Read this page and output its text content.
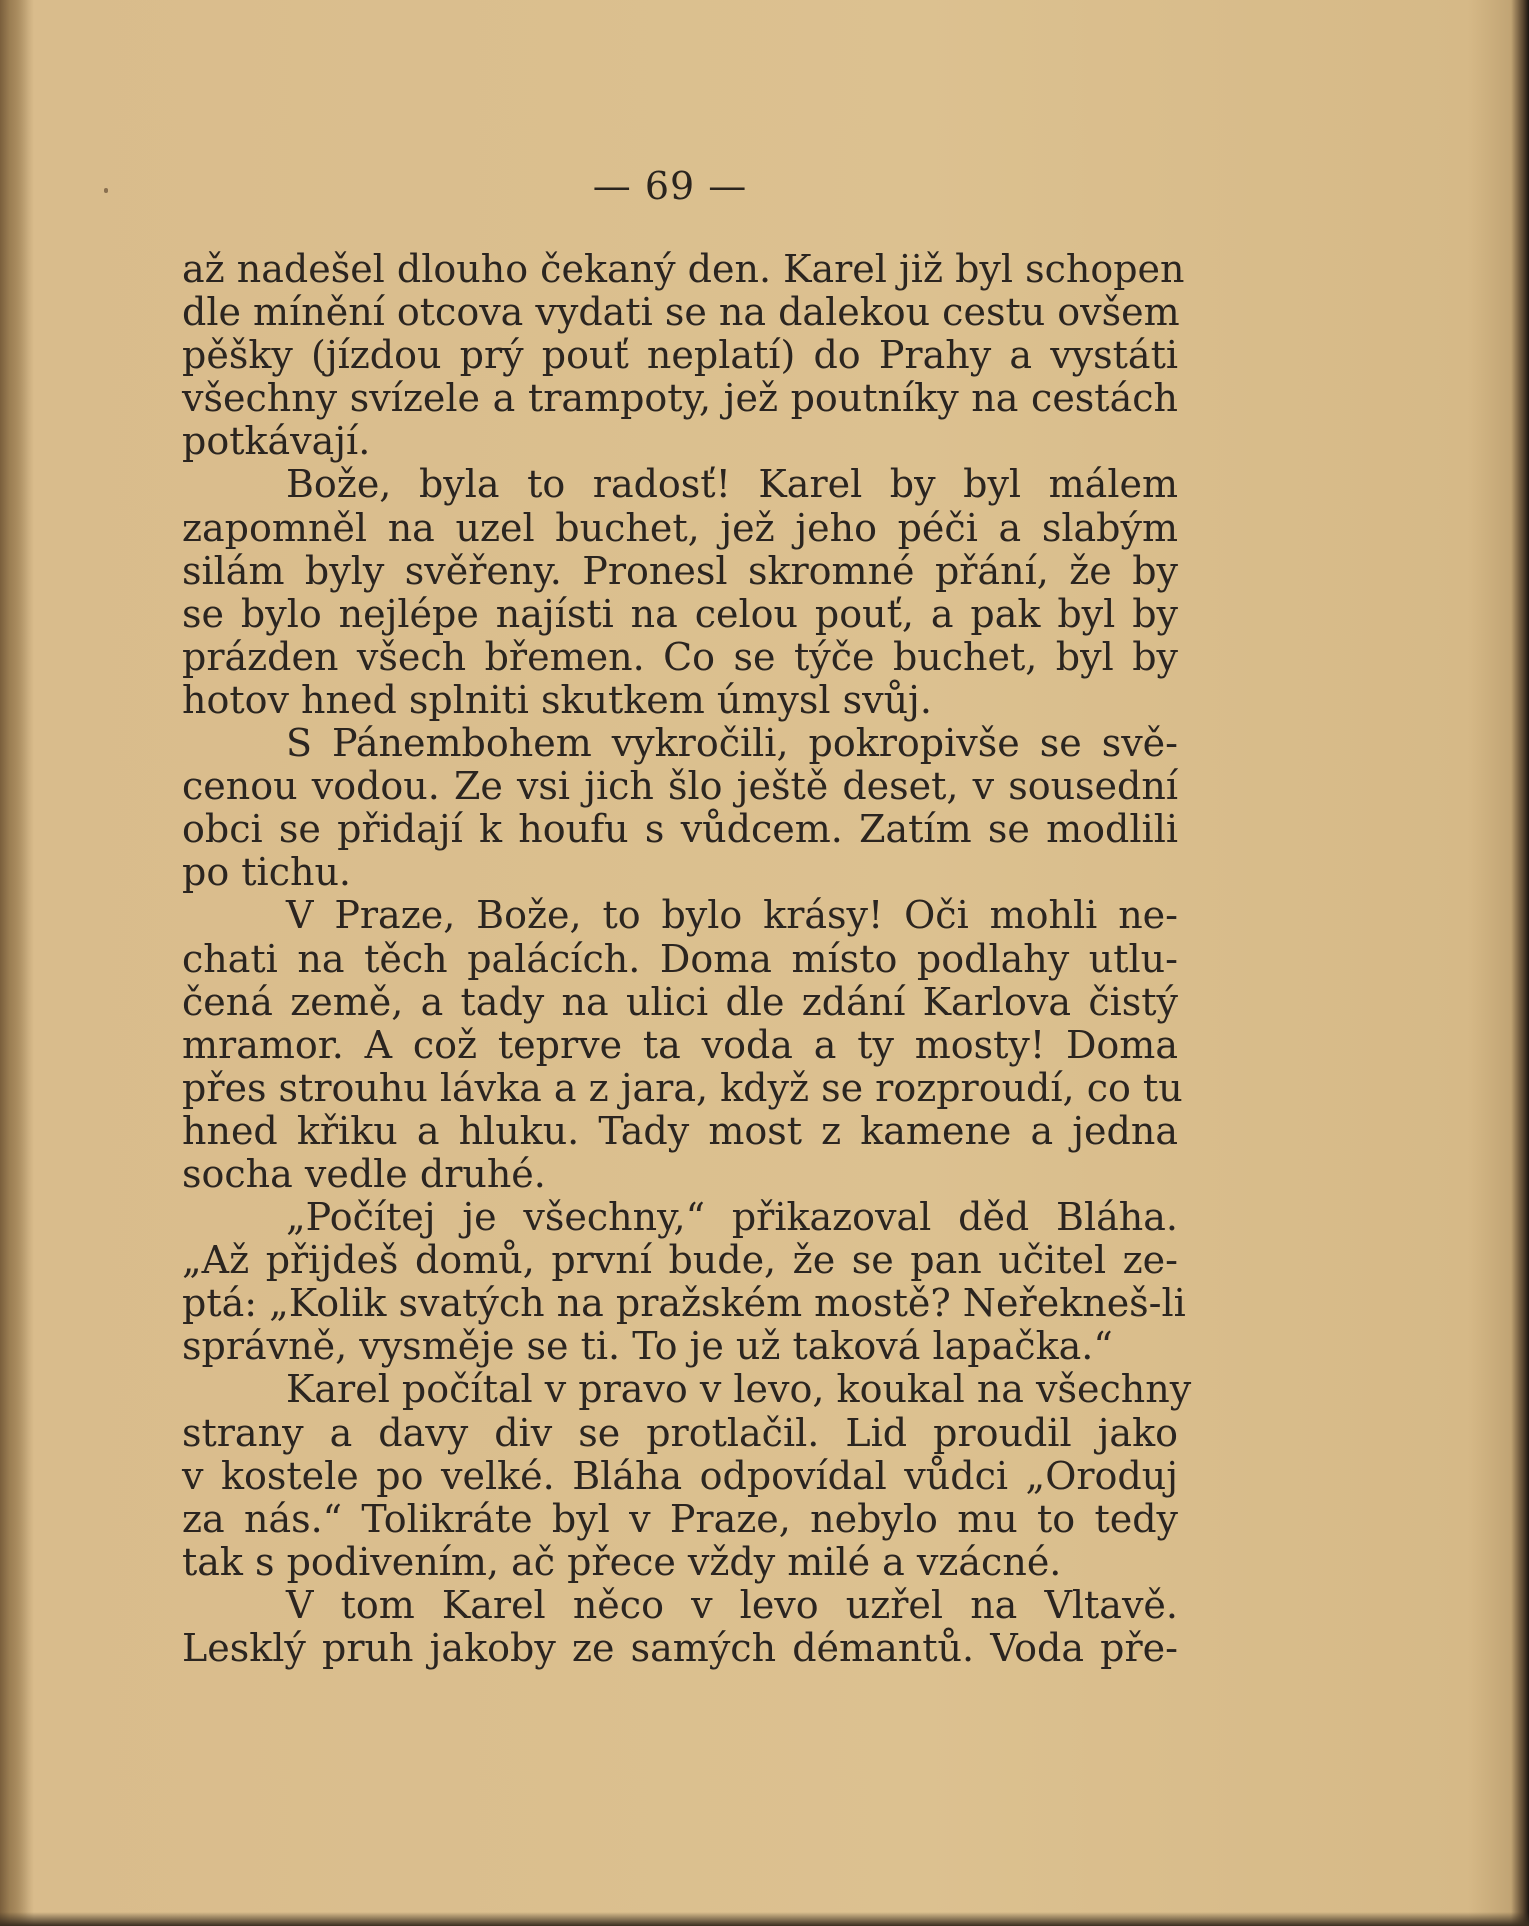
— 69 —
až nadešel dlouho čekaný den. Karel již byl schopen
dle mínění otcova vydati se na dalekou cestu ovšem
pěšky (jízdou prý pouť neplatí) do Prahy a vystáti
všechny svízele a trampoty, jež poutníky na cestách
potkávají.
Bože, byla to radosť! Karel by byl málem
zapomněl na uzel buchet, jež jeho péči a slabým
silám byly svěřeny. Pronesl skromné přání, že by
se bylo nejlépe najísti na celou pouť, a pak byl by
prázden všech břemen. Co se týče buchet, byl by
hotov hned splniti skutkem úmysl svůj.
S Pánembohem vykročili, pokropivše se svě-
cenou vodou. Ze vsi jich šlo ještě deset, v sousední
obci se přidají k houfu s vůdcem. Zatím se modlili
po tichu.
V Praze, Bože, to bylo krásy! Oči mohli ne-
chati na těch palácích. Doma místo podlahy utlu-
čená země, a tady na ulici dle zdání Karlova čistý
mramor. A což teprve ta voda a ty mosty! Doma
přes strouhu lávka a z jara, když se rozproudí, co tu
hned křiku a hluku. Tady most z kamene a jedna
socha vedle druhé.
„Počítej je všechny,“ přikazoval děd Bláha.
„Až přijdeš domů, první bude, že se pan učitel ze-
ptá: „Kolik svatých na pražském mostě? Neřekneš-li
správně, vysměje se ti. To je už taková lapačka.“
Karel počítal v pravo v levo, koukal na všechny
strany a davy div se protlačil. Lid proudil jako
v kostele po velké. Bláha odpovídal vůdci „Oroduj
za nás.“ Tolikráte byl v Praze, nebylo mu to tedy
tak s podivením, ač přece vždy milé a vzácné.
V tom Karel něco v levo uzřel na Vltavě.
Lesklý pruh jakoby ze samých démantů. Voda pře-
